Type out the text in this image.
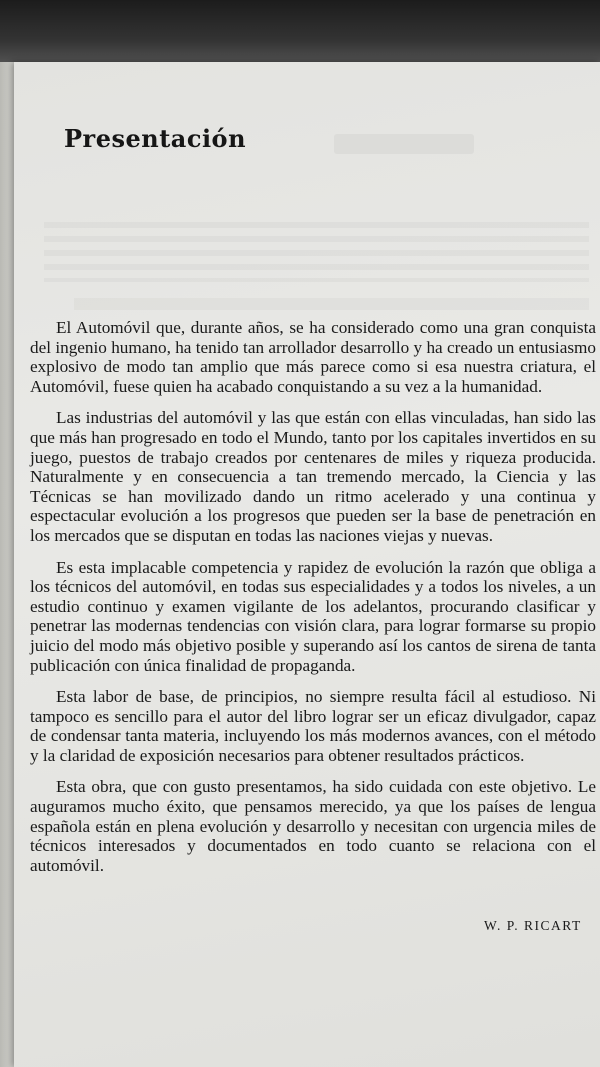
Presentación

El Automóvil que, durante años, se ha considerado como una gran conquista del ingenio humano, ha tenido tan arrollador desarrollo y ha creado un entusiasmo explosivo de modo tan amplio que más parece como si esa nuestra criatura, el Automóvil, fuese quien ha acabado conquistando a su vez a la humanidad.

Las industrias del automóvil y las que están con ellas vinculadas, han sido las que más han progresado en todo el Mundo, tanto por los capitales invertidos en su juego, puestos de trabajo creados por centenares de miles y riqueza producida. Naturalmente y en consecuencia a tan tremendo mercado, la Ciencia y las Técnicas se han movilizado dando un ritmo acelerado y una continua y espectacular evolución a los progresos que pueden ser la base de penetración en los mercados que se disputan en todas las naciones viejas y nuevas.

Es esta implacable competencia y rapidez de evolución la razón que obliga a los técnicos del automóvil, en todas sus especialidades y a todos los niveles, a un estudio continuo y examen vigilante de los adelantos, procurando clasificar y penetrar las modernas tendencias con visión clara, para lograr formarse su propio juicio del modo más objetivo posible y superando así los cantos de sirena de tanta publicación con única finalidad de propaganda.

Esta labor de base, de principios, no siempre resulta fácil al estudioso. Ni tampoco es sencillo para el autor del libro lograr ser un eficaz divulgador, capaz de condensar tanta materia, incluyendo los más modernos avances, con el método y la claridad de exposición necesarios para obtener resultados prácticos.

Esta obra, que con gusto presentamos, ha sido cuidada con este objetivo. Le auguramos mucho éxito, que pensamos merecido, ya que los países de lengua española están en plena evolución y desarrollo y necesitan con urgencia miles de técnicos interesados y documentados en todo cuanto se relaciona con el automóvil.

W. P. RICART
